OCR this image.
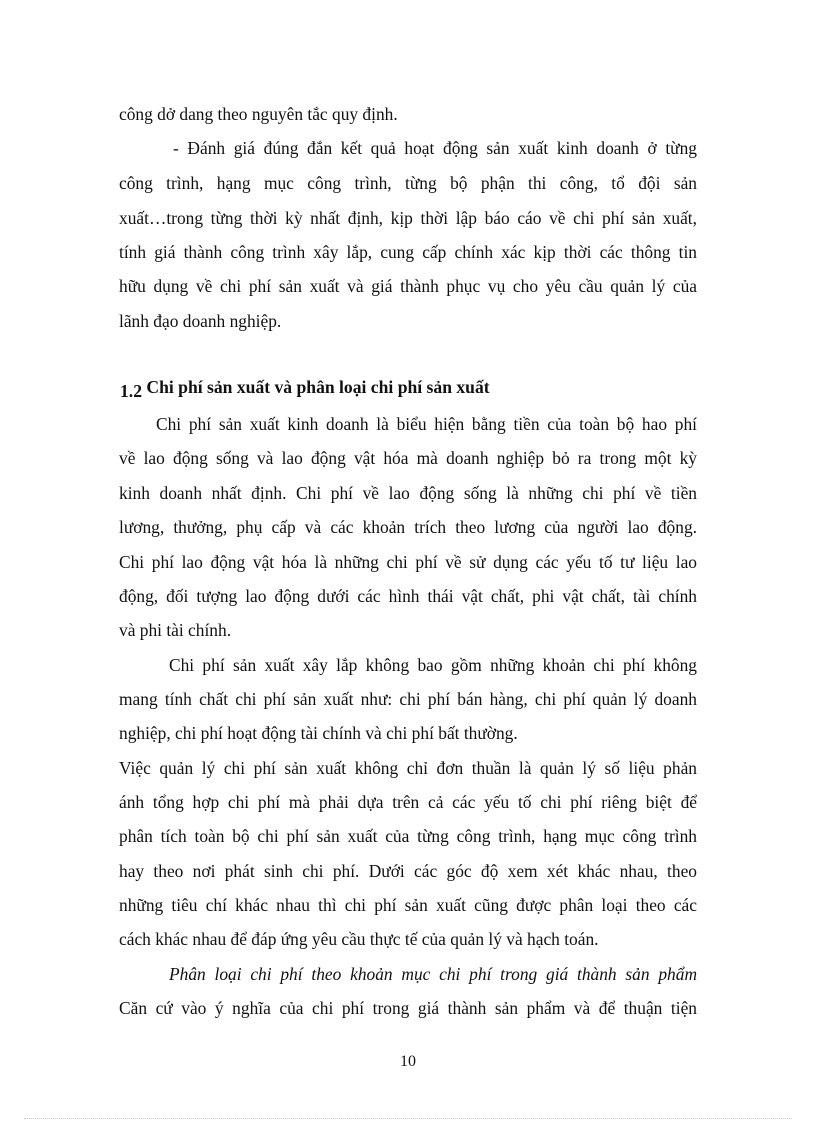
công dở dang theo nguyên tắc quy định.
- Đánh giá đúng đắn kết quả hoạt động sản xuất kinh doanh ở từng
công trình, hạng mục công trình, từng bộ phận thi công, tổ đội sản
xuất…trong từng thời kỳ nhất định, kịp thời lập báo cáo về chi phí sản xuất,
tính giá thành công trình xây lắp, cung cấp chính xác kịp thời các thông tin
hữu dụng về chi phí sản xuất và giá thành phục vụ cho yêu cầu quản lý của
lãnh đạo doanh nghiệp.
1.2 Chi phí sản xuất và phân loại chi phí sản xuất
Chi phí sản xuất kinh doanh là biểu hiện bằng tiền của toàn bộ hao phí
về lao động sống và lao động vật hóa mà doanh nghiệp bỏ ra trong một kỳ
kinh doanh nhất định. Chi phí về lao động sống là những chi phí về tiền
lương, thưởng, phụ cấp và các khoản trích theo lương của người lao động.
Chi phí lao động vật hóa là những chi phí về sử dụng các yếu tố tư liệu lao
động, đối tượng lao động dưới các hình thái vật chất, phi vật chất, tài chính
và phi tài chính.
Chi phí sản xuất xây lắp không bao gồm những khoản chi phí không
mang tính chất chi phí sản xuất như: chi phí bán hàng, chi phí quản lý doanh
nghiệp, chi phí hoạt động tài chính và chi phí bất thường.
Việc quản lý chi phí sản xuất không chỉ đơn thuần là quản lý số liệu phản
ánh tổng hợp chi phí mà phải dựa trên cả các yếu tố chi phí riêng biệt để
phân tích toàn bộ chi phí sản xuất của từng công trình, hạng mục công trình
hay theo nơi phát sinh chi phí. Dưới các góc độ xem xét khác nhau, theo
những tiêu chí khác nhau thì chi phí sản xuất cũng được phân loại theo các
cách khác nhau để đáp ứng yêu cầu thực tế của quản lý và hạch toán.
Phân loại chi phí theo khoản mục chi phí trong giá thành sản phẩm
Căn cứ vào ý nghĩa của chi phí trong giá thành sản phẩm và để thuận tiện
10
